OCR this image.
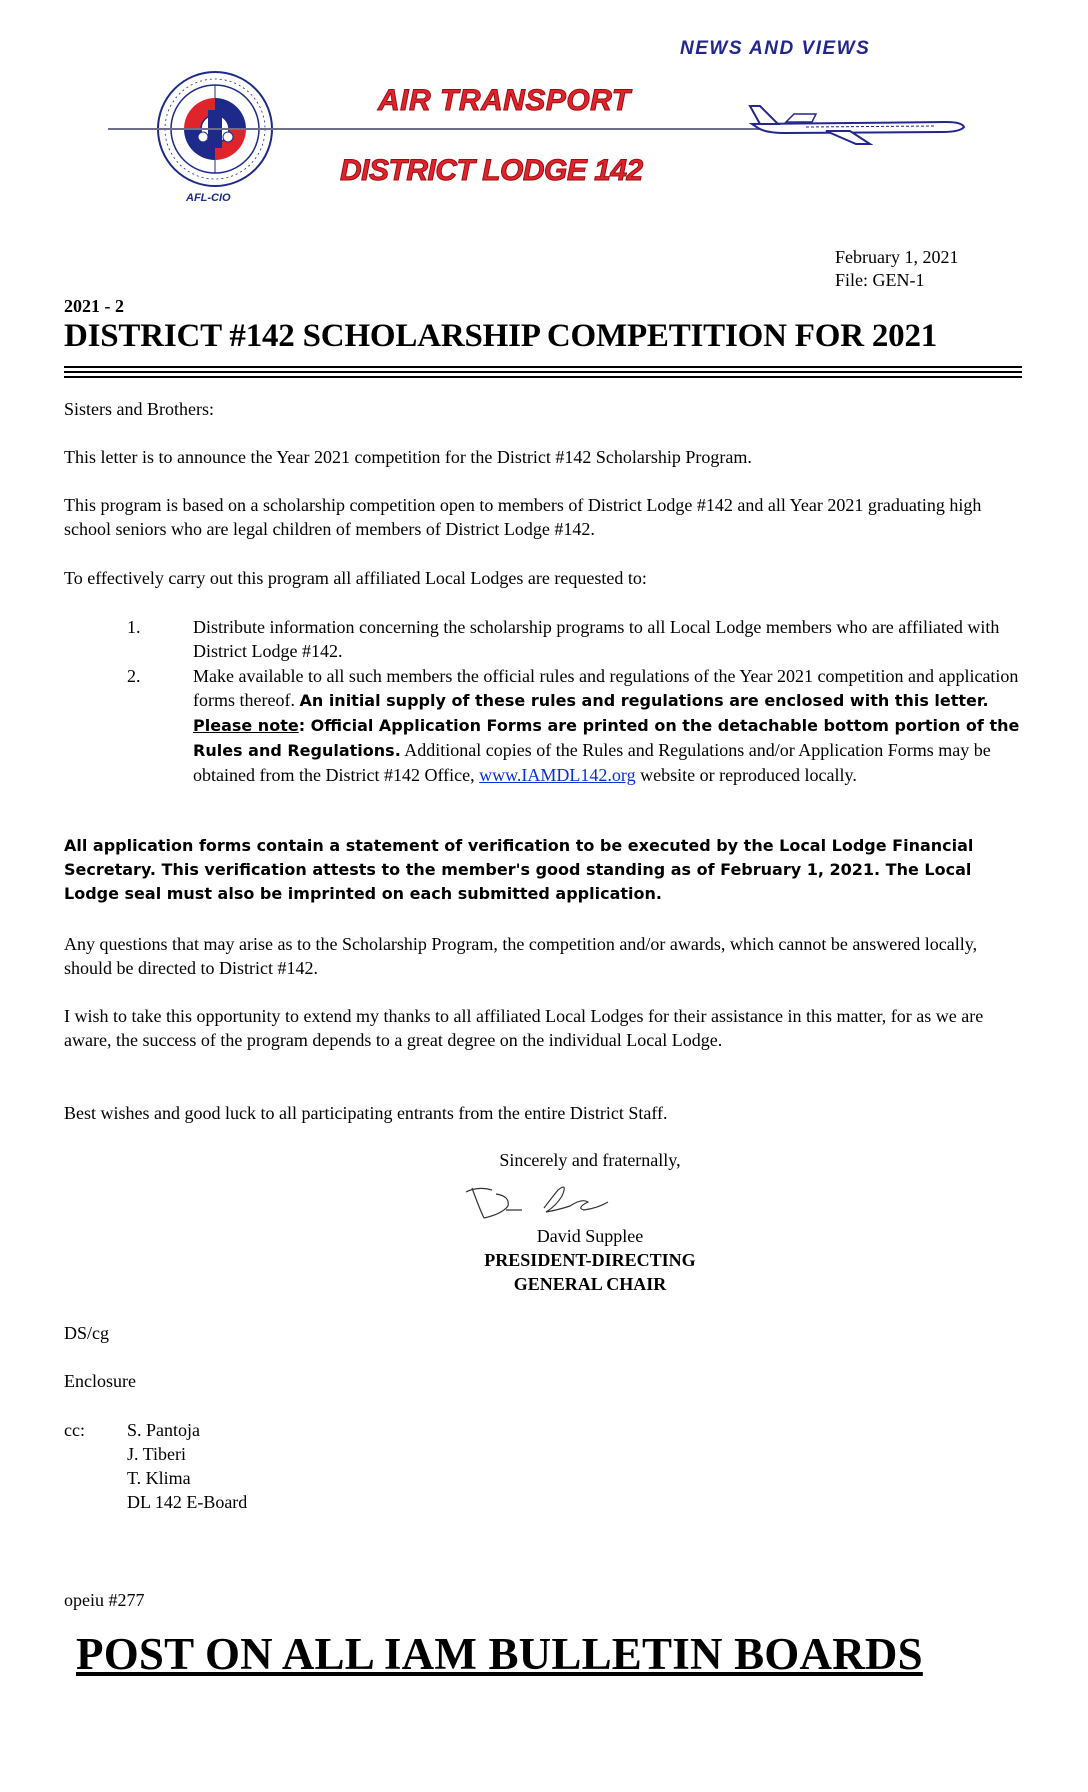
NEWS AND VIEWS
AFL-CIO
AIR TRANSPORT
DISTRICT LODGE 142
February 1, 2021
File: GEN-1
2021 - 2
DISTRICT #142 SCHOLARSHIP COMPETITION FOR 2021
Sisters and Brothers:
This letter is to announce the Year 2021 competition for the District #142 Scholarship Program.
This program is based on a scholarship competition open to members of District Lodge #142 and all Year 2021 graduating high school seniors who are legal children of members of District Lodge #142.
To effectively carry out this program all affiliated Local Lodges are requested to:
1.	Distribute information concerning the scholarship programs to all Local Lodge members who are affiliated with District Lodge #142.
2.	Make available to all such members the official rules and regulations of the Year 2021 competition and application forms thereof. An initial supply of these rules and regulations are enclosed with this letter. Please note: Official Application Forms are printed on the detachable bottom portion of the Rules and Regulations. Additional copies of the Rules and Regulations and/or Application Forms may be obtained from the District #142 Office, www.IAMDL142.org website or reproduced locally.
All application forms contain a statement of verification to be executed by the Local Lodge Financial Secretary. This verification attests to the member's good standing as of February 1, 2021. The Local Lodge seal must also be imprinted on each submitted application.
Any questions that may arise as to the Scholarship Program, the competition and/or awards, which cannot be answered locally, should be directed to District #142.
I wish to take this opportunity to extend my thanks to all affiliated Local Lodges for their assistance in this matter, for as we are aware, the success of the program depends to a great degree on the individual Local Lodge.
Best wishes and good luck to all participating entrants from the entire District Staff.
Sincerely and fraternally,
David Supplee
PRESIDENT-DIRECTING
GENERAL CHAIR
DS/cg
Enclosure
cc:	S. Pantoja
J. Tiberi
T. Klima
DL 142 E-Board
opeiu #277
POST ON ALL IAM BULLETIN BOARDS
